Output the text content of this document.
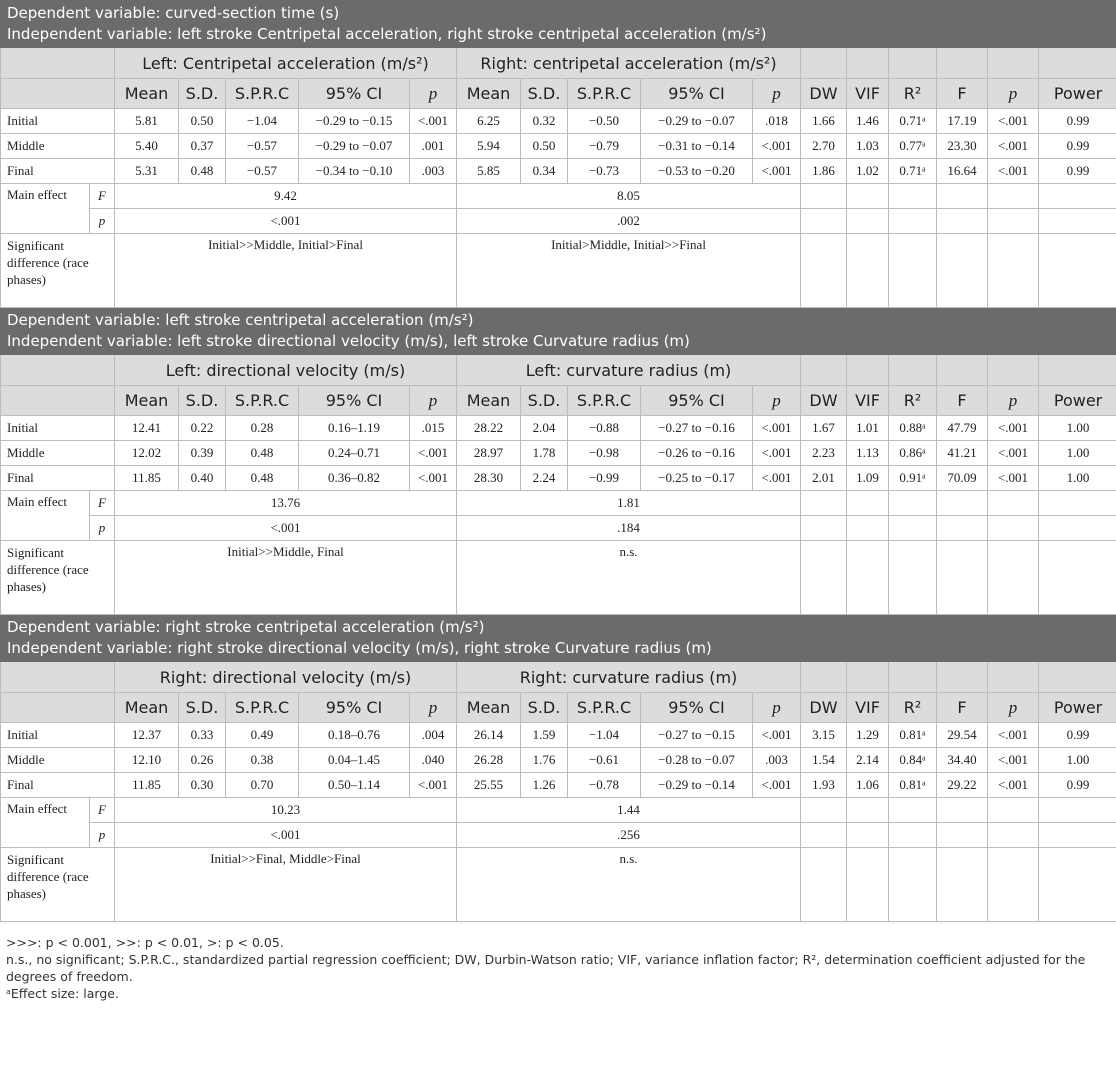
Dependent variable: curved-section time (s)
Independent variable: left stroke Centripetal acceleration, right stroke centripetal acceleration (m/s²)																	

		Left: Centripetal acceleration (m/s²)					Right: centripetal acceleration (m/s²)										
		Mean	S.D.	S.P.R.C	95% CI	p	Mean	S.D.	S.P.R.C	95% CI	p	DW	VIF	R²	F	p	Power
Initial		5.81	0.50	−1.04	−0.29 to −0.15	<.001	6.25	0.32	−0.50	−0.29 to −0.07	.018	1.66	1.46	0.71ᵃ	17.19	<.001	0.99
Middle		5.40	0.37	−0.57	−0.29 to −0.07	.001	5.94	0.50	−0.79	−0.31 to −0.14	<.001	2.70	1.03	0.77ᵃ	23.30	<.001	0.99
Final		5.31	0.48	−0.57	−0.34 to −0.10	.003	5.85	0.34	−0.73	−0.53 to −0.20	<.001	1.86	1.02	0.71ᵃ	16.64	<.001	0.99
Main effect	F	9.42					8.05										
	p	<.001					.002										
Significant difference (race phases)		Initial>>Middle, Initial>Final					Initial>Middle, Initial>>Final										

Dependent variable: left stroke centripetal acceleration (m/s²)
Independent variable: left stroke directional velocity (m/s), left stroke Curvature radius (m)																	

		Left: directional velocity (m/s)					Left: curvature radius (m)										
		Mean	S.D.	S.P.R.C	95% CI	p	Mean	S.D.	S.P.R.C	95% CI	p	DW	VIF	R²	F	p	Power
Initial		12.41	0.22	0.28	0.16–1.19	.015	28.22	2.04	−0.88	−0.27 to −0.16	<.001	1.67	1.01	0.88ᵃ	47.79	<.001	1.00
Middle		12.02	0.39	0.48	0.24–0.71	<.001	28.97	1.78	−0.98	−0.26 to −0.16	<.001	2.23	1.13	0.86ᵃ	41.21	<.001	1.00
Final		11.85	0.40	0.48	0.36–0.82	<.001	28.30	2.24	−0.99	−0.25 to −0.17	<.001	2.01	1.09	0.91ᵃ	70.09	<.001	1.00
Main effect	F	13.76					1.81										
	p	<.001					.184										
Significant difference (race phases)		Initial>>Middle, Final					n.s.										

Dependent variable: right stroke centripetal acceleration (m/s²)
Independent variable: right stroke directional velocity (m/s), right stroke Curvature radius (m)																	

		Right: directional velocity (m/s)					Right: curvature radius (m)										
		Mean	S.D.	S.P.R.C	95% CI	p	Mean	S.D.	S.P.R.C	95% CI	p	DW	VIF	R²	F	p	Power
Initial		12.37	0.33	0.49	0.18–0.76	.004	26.14	1.59	−1.04	−0.27 to −0.15	<.001	3.15	1.29	0.81ᵃ	29.54	<.001	0.99
Middle		12.10	0.26	0.38	0.04–1.45	.040	26.28	1.76	−0.61	−0.28 to −0.07	.003	1.54	2.14	0.84ᵃ	34.40	<.001	1.00
Final		11.85	0.30	0.70	0.50–1.14	<.001	25.55	1.26	−0.78	−0.29 to −0.14	<.001	1.93	1.06	0.81ᵃ	29.22	<.001	0.99
Main effect	F	10.23					1.44										
	p	<.001					.256										
Significant difference (race phases)		Initial>>Final, Middle>Final					n.s.										
>>>: p < 0.001, >>: p < 0.01, >: p < 0.05.
n.s., no significant; S.P.R.C., standardized partial regression coefficient; DW, Durbin-Watson ratio; VIF, variance inflation factor; R², determination coefficient adjusted for the degrees of freedom.
ᵃEffect size: large.
